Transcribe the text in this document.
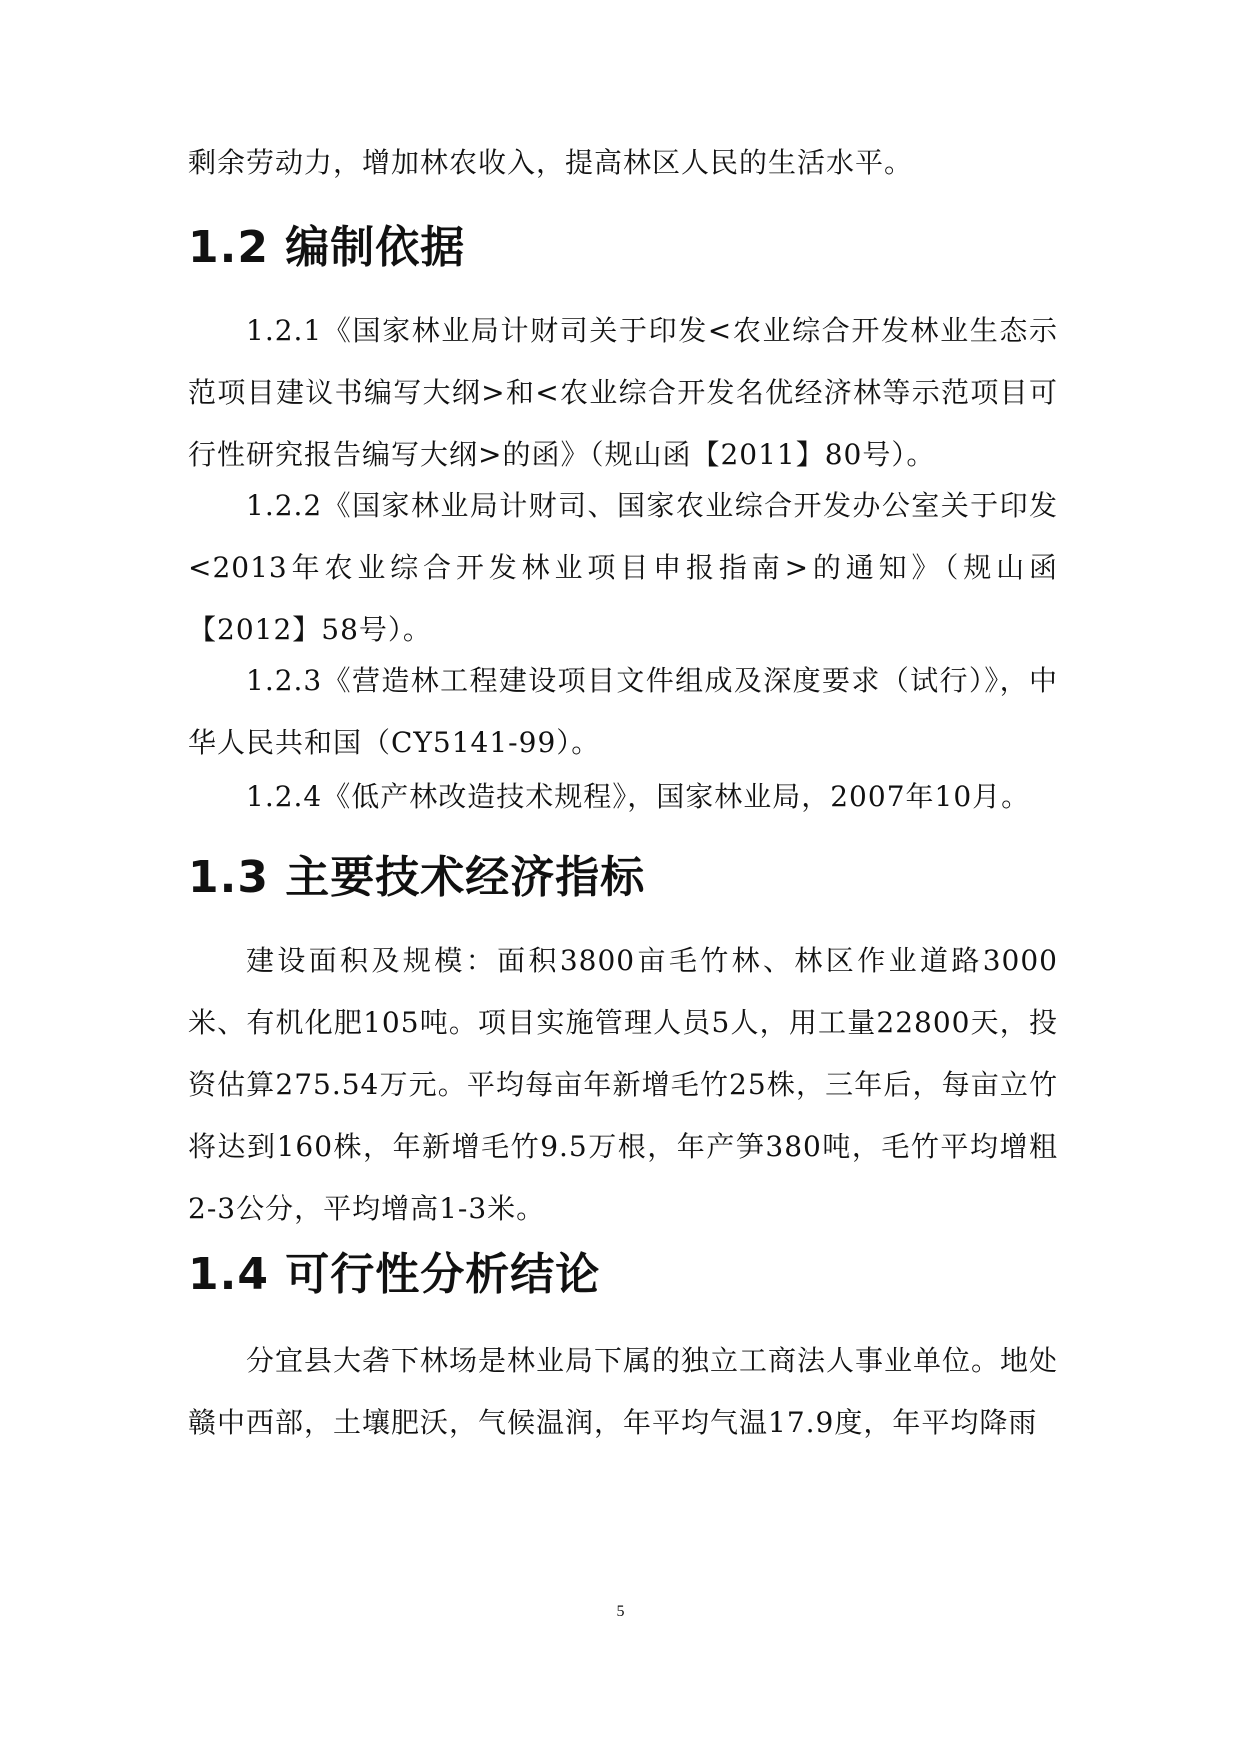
剩余劳动力，增加林农收入，提高林区人民的生活水平。

1.2 编制依据

1.2.1《国家林业局计财司关于印发<农业综合开发林业生态示范项目建议书编写大纲>和<农业综合开发名优经济林等示范项目可行性研究报告编写大纲>的函》（规山函【2011】80号）。

1.2.2《国家林业局计财司、国家农业综合开发办公室关于印发<2013年农业综合开发林业项目申报指南>的通知》（规山函【2012】58号）。

1.2.3《营造林工程建设项目文件组成及深度要求（试行）》，中华人民共和国（CY5141-99）。

1.2.4《低产林改造技术规程》，国家林业局，2007年10月。

1.3 主要技术经济指标

建设面积及规模：面积3800亩毛竹林、林区作业道路3000米、有机化肥105吨。项目实施管理人员5人，用工量22800天，投资估算275.54万元。平均每亩年新增毛竹25株，三年后，每亩立竹将达到160株，年新增毛竹9.5万根，年产笋380吨，毛竹平均增粗2-3公分，平均增高1-3米。

1.4 可行性分析结论

分宜县大砻下林场是林业局下属的独立工商法人事业单位。地处赣中西部，土壤肥沃，气候温润，年平均气温17.9度，年平均降雨

5
